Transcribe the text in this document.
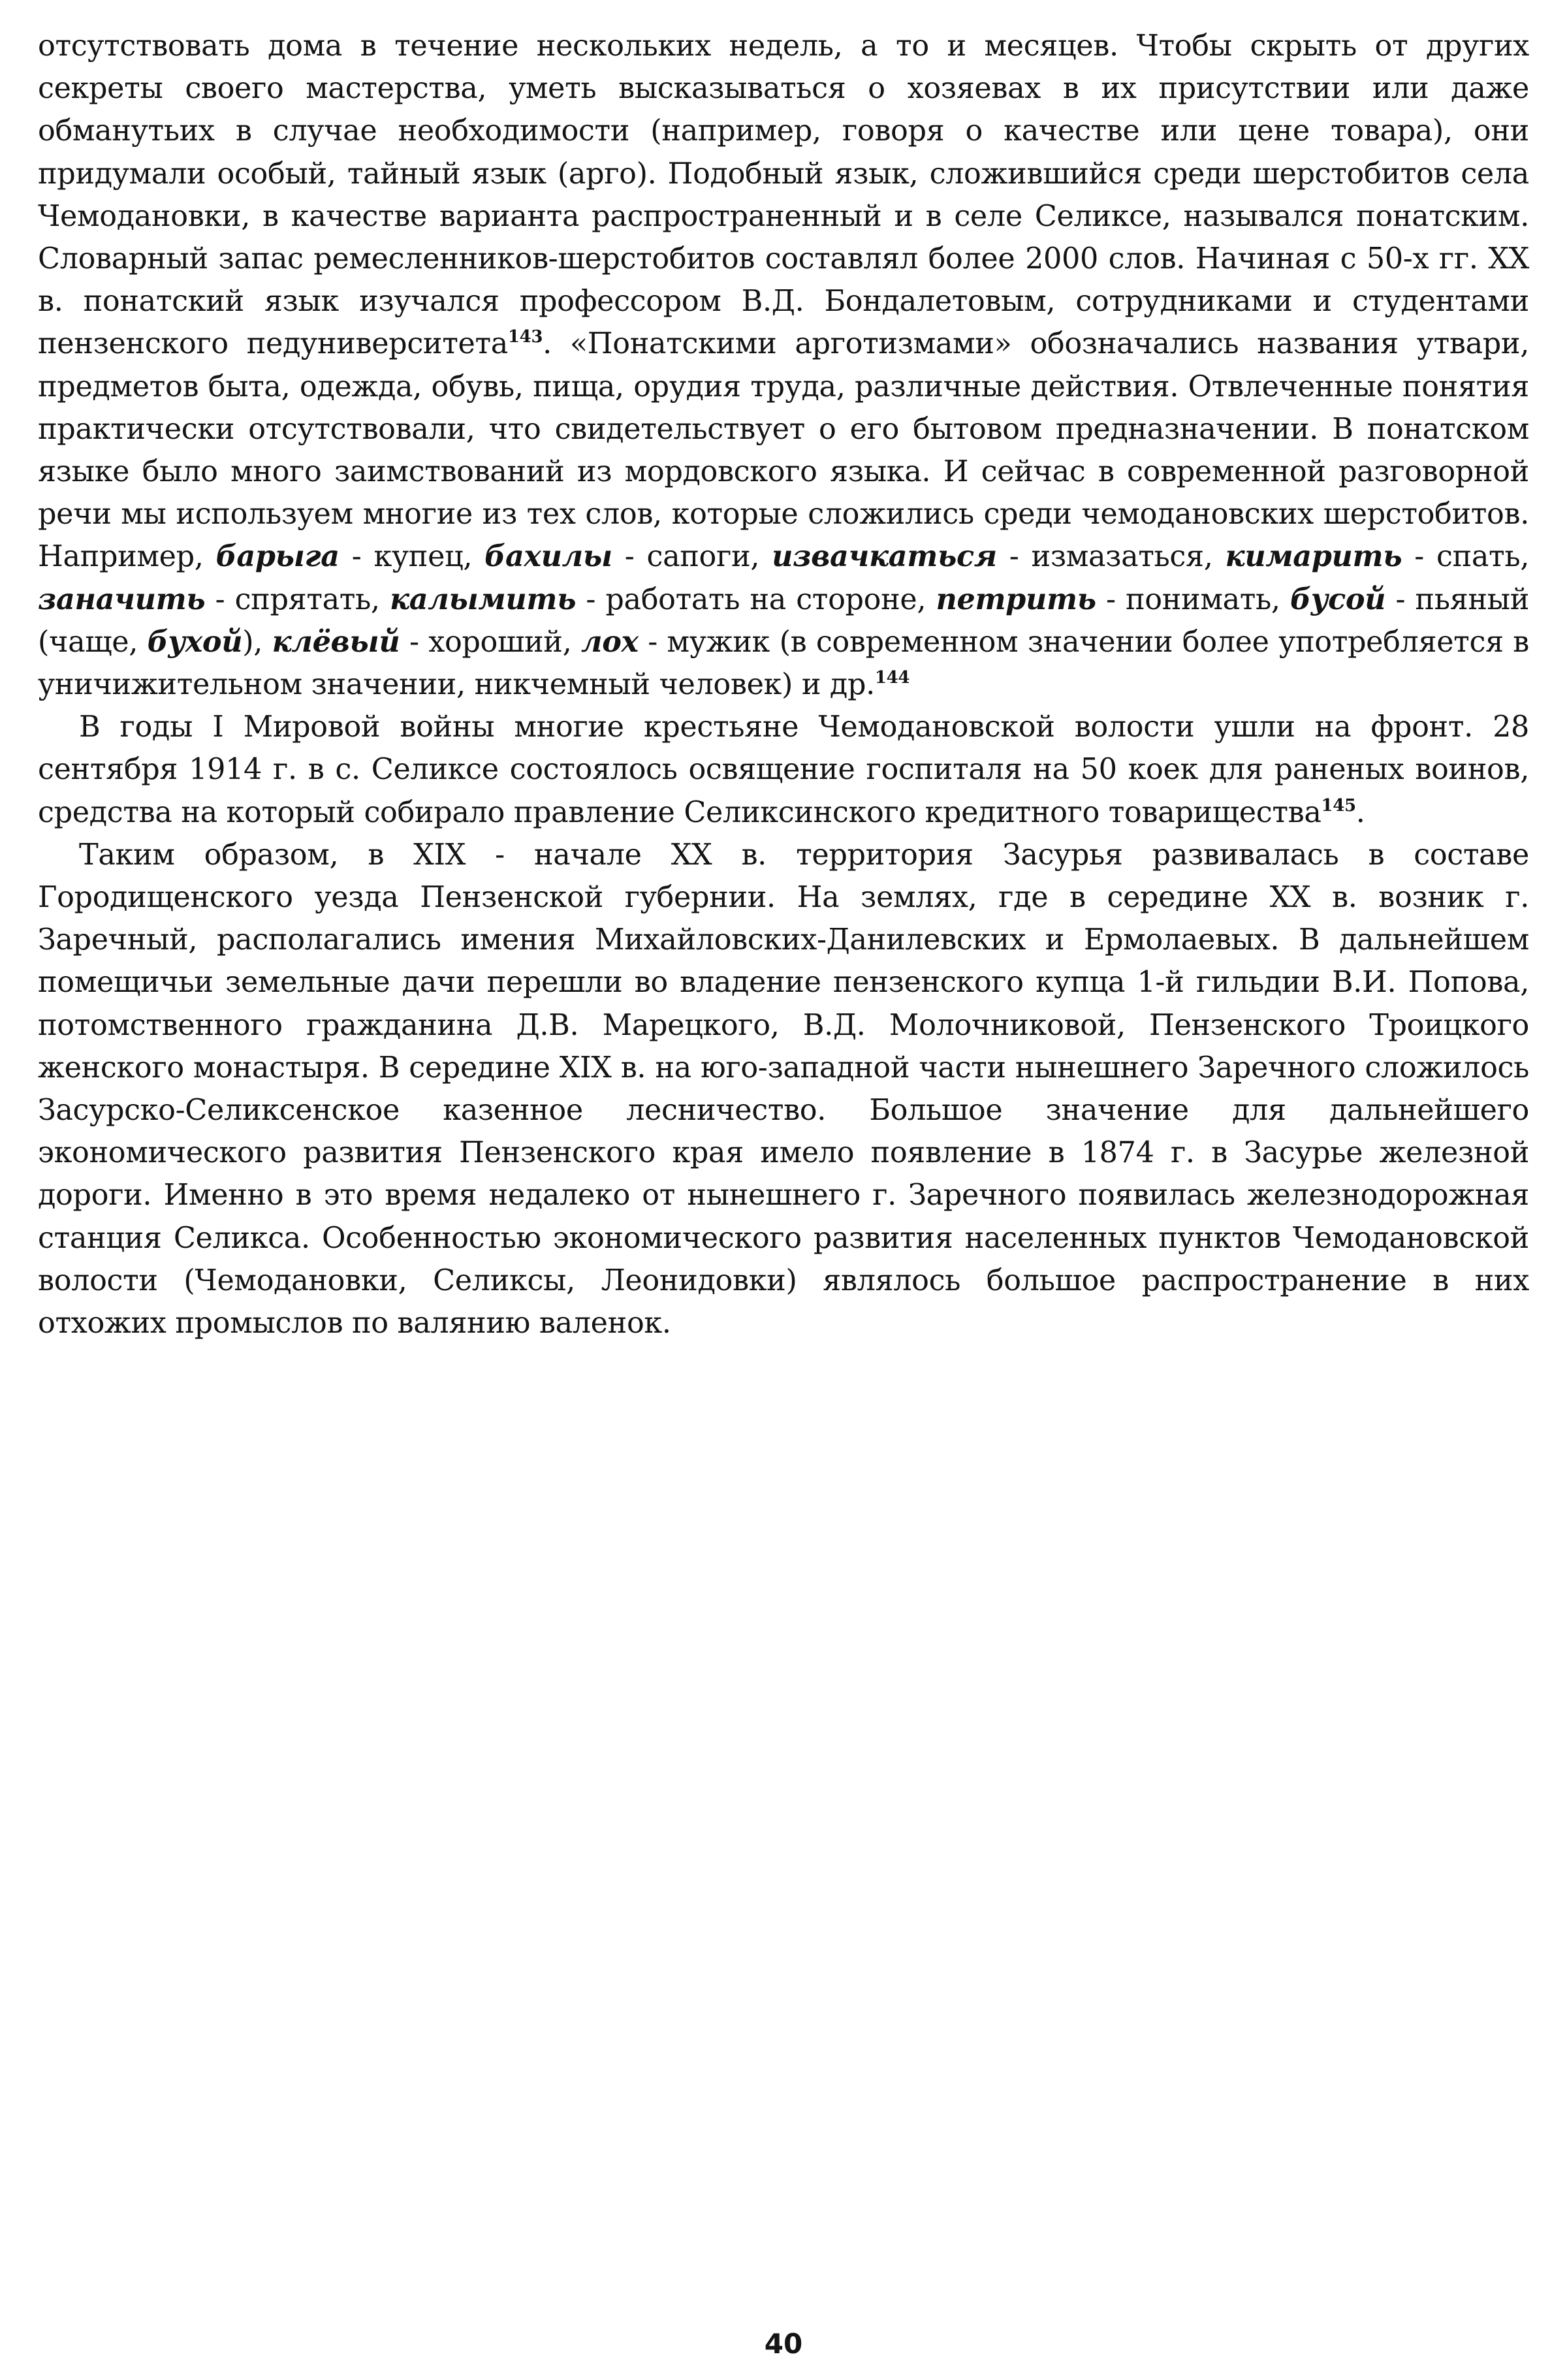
отсутствовать дома в течение нескольких недель, а то и месяцев. Чтобы скрыть от других секреты своего мастерства, уметь высказываться о хозяевах в их присутствии или даже обманутьих в случае необходимости (например, говоря о качестве или цене товара), они придумали особый, тайный язык (арго). Подобный язык, сложившийся среди шерстобитов села Чемодановки, в качестве варианта распространенный и в селе Селиксе, назывался понатским. Словарный запас ремесленников-шерстобитов составлял более 2000 слов. Начиная с 50-х гг. XX в. понатский язык изучался профессором В.Д. Бондалетовым, сотрудниками и студентами пензенского педуниверситета$^{143}$. «Понатскими арготизмами» обозначались названия утвари, предметов быта, одежда, обувь, пища, орудия труда, различные действия. Отвлеченные понятия практически отсутствовали, что свидетельствует о его бытовом предназначении. В понатском языке было много заимствований из мордовского языка. И сейчас в современной разговорной речи мы используем многие из тех слов, которые сложились среди чемодановских шерстобитов. Например, барыга - купец, бахилы - сапоги, извачкаться - измазаться, кимарить - спать, заначить - спрятать, калымить - работать на стороне, петрить - понимать, бусой - пьяный (чаще, бухой), клёвый - хороший, лох - мужик (в современном значении более употребляется в уничижительном значении, никчемный человек) и др.$^{144}$

В годы I Мировой войны многие крестьяне Чемодановской волости ушли на фронт. 28 сентября 1914 г. в с. Селиксе состоялось освящение госпиталя на 50 коек для раненых воинов, средства на который собирало правление Селиксинского кредитного товарищества$^{145}$.

Таким образом, в XIX - начале XX в. территория Засурья развивалась в составе Городищенского уезда Пензенской губернии. На землях, где в середине XX в. возник г. Заречный, располагались имения Михайловских-Данилевских и Ермолаевых. В дальнейшем помещичьи земельные дачи перешли во владение пензенского купца 1-й гильдии В.И. Попова, потомственного гражданина Д.В. Марецкого, В.Д. Молочниковой, Пензенского Троицкого женского монастыря. В середине XIX в. на юго-западной части нынешнего Заречного сложилось Засурско-Селиксенское казенное лесничество. Большое значение для дальнейшего экономического развития Пензенского края имело появление в 1874 г. в Засурье железной дороги. Именно в это время недалеко от нынешнего г. Заречного появилась железнодорожная станция Селикса. Особенностью экономического развития населенных пунктов Чемодановской волости (Чемодановки, Селиксы, Леонидовки) являлось большое распространение в них отхожих промыслов по валянию валенок.

40
